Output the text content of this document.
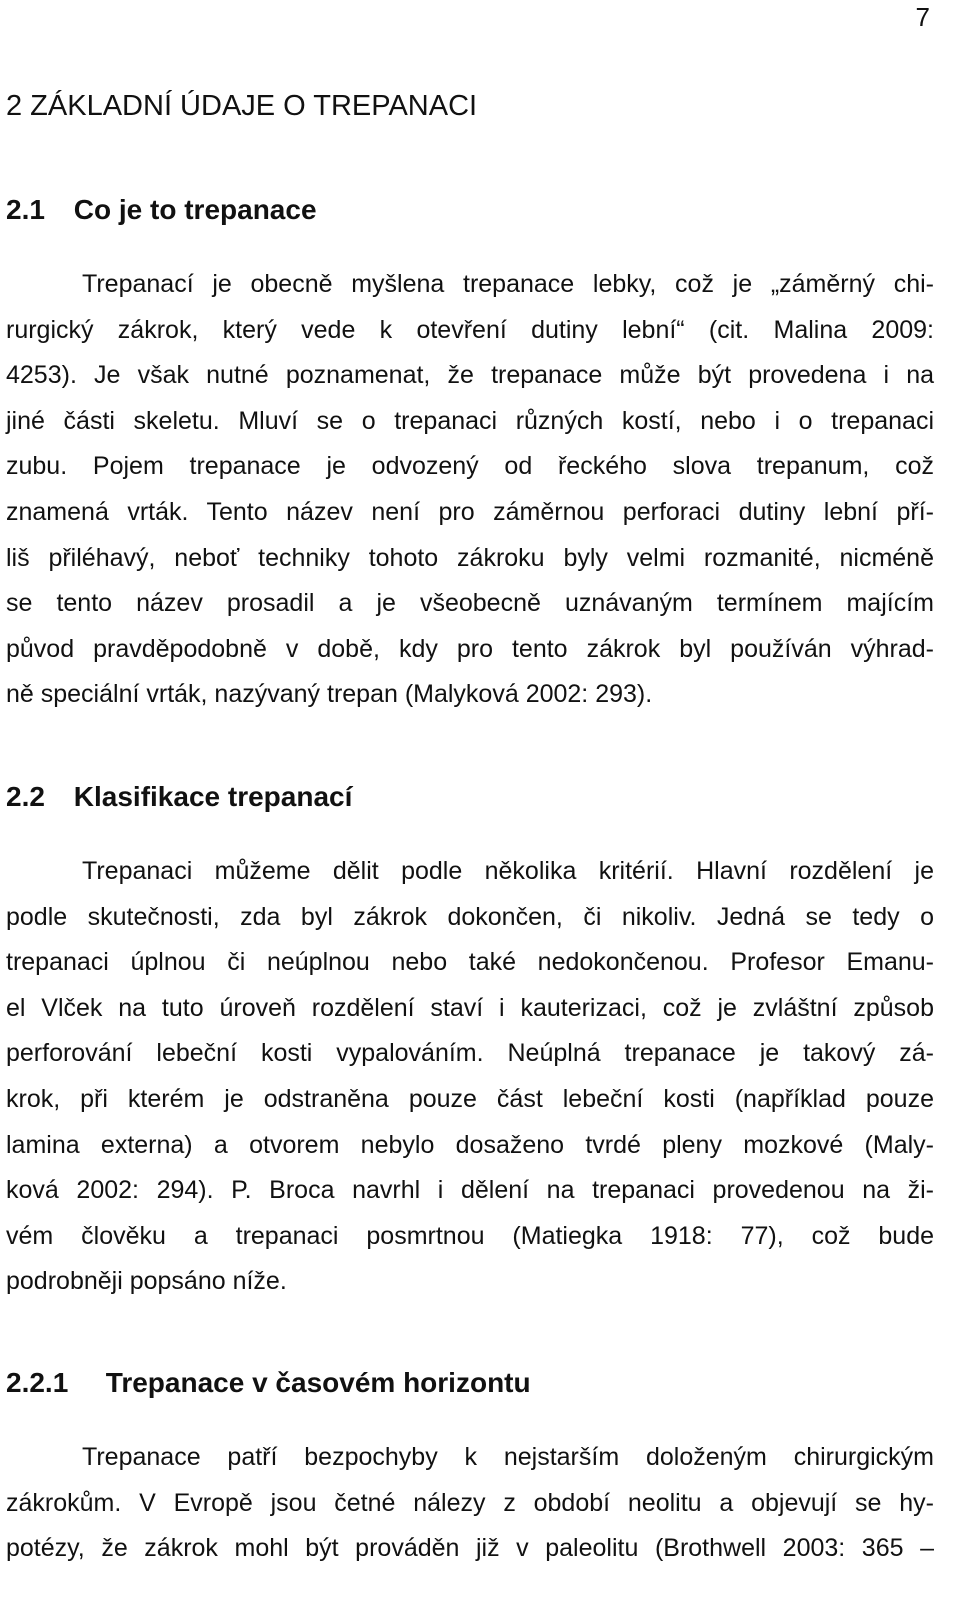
7
2 ZÁKLADNÍ ÚDAJE O TREPANACI
2.1 Co je to trepanace
Trepanací je obecně myšlena trepanace lebky, což je „záměrný chi-
rurgický zákrok, který vede k otevření dutiny lební“ (cit. Malina 2009:
4253). Je však nutné poznamenat, že trepanace může být provedena i na
jiné části skeletu. Mluví se o trepanaci různých kostí, nebo i o trepanaci
zubu. Pojem trepanace je odvozený od řeckého slova trepanum, což
znamená vrták. Tento název není pro záměrnou perforaci dutiny lební pří-
liš přiléhavý, neboť techniky tohoto zákroku byly velmi rozmanité, nicméně
se tento název prosadil a je všeobecně uznávaným termínem majícím
původ pravděpodobně v době, kdy pro tento zákrok byl používán výhrad-
ně speciální vrták, nazývaný trepan (Malyková 2002: 293).
2.2 Klasifikace trepanací
Trepanaci můžeme dělit podle několika kritérií. Hlavní rozdělení je
podle skutečnosti, zda byl zákrok dokončen, či nikoliv. Jedná se tedy o
trepanaci úplnou či neúplnou nebo také nedokončenou. Profesor Emanu-
el Vlček na tuto úroveň rozdělení staví i kauterizaci, což je zvláštní způsob
perforování lebeční kosti vypalováním. Neúplná trepanace je takový zá-
krok, při kterém je odstraněna pouze část lebeční kosti (například pouze
lamina externa) a otvorem nebylo dosaženo tvrdé pleny mozkové (Maly-
ková 2002: 294). P. Broca navrhl i dělení na trepanaci provedenou na ži-
vém člověku a trepanaci posmrtnou (Matiegka 1918: 77), což bude
podrobněji popsáno níže.
2.2.1 Trepanace v časovém horizontu
Trepanace patří bezpochyby k nejstarším doloženým chirurgickým
zákrokům. V Evropě jsou četné nálezy z období neolitu a objevují se hy-
potézy, že zákrok mohl být prováděn již v paleolitu (Brothwell 2003: 365 –
